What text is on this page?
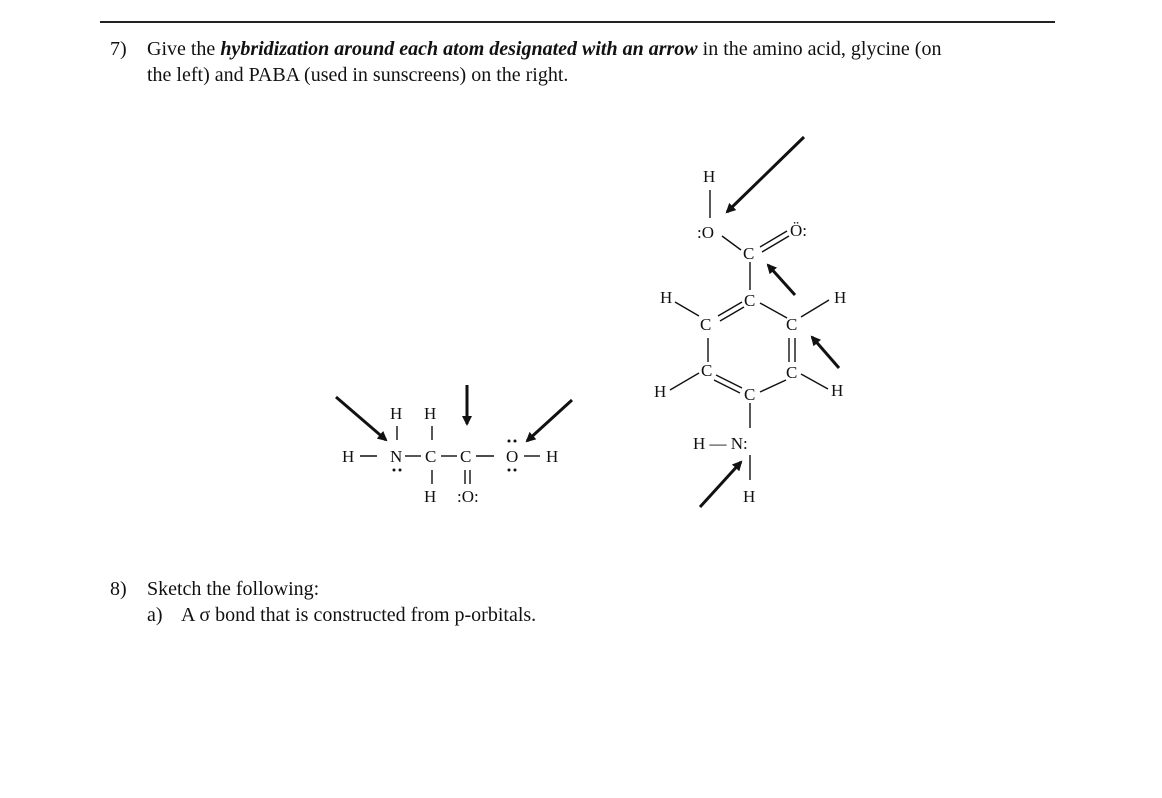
7) Give the hybridization around each atom designated with an arrow in the amino acid, glycine (on
the left) and PABA (used in sunscreens) on the right.
H H
H N C C O H
H :O:
H
:O
C
Ö:
C
C
C
C
C
C
H	H
H	H
H — N:
H
8) Sketch the following:
a) A σ bond that is constructed from p-orbitals.
